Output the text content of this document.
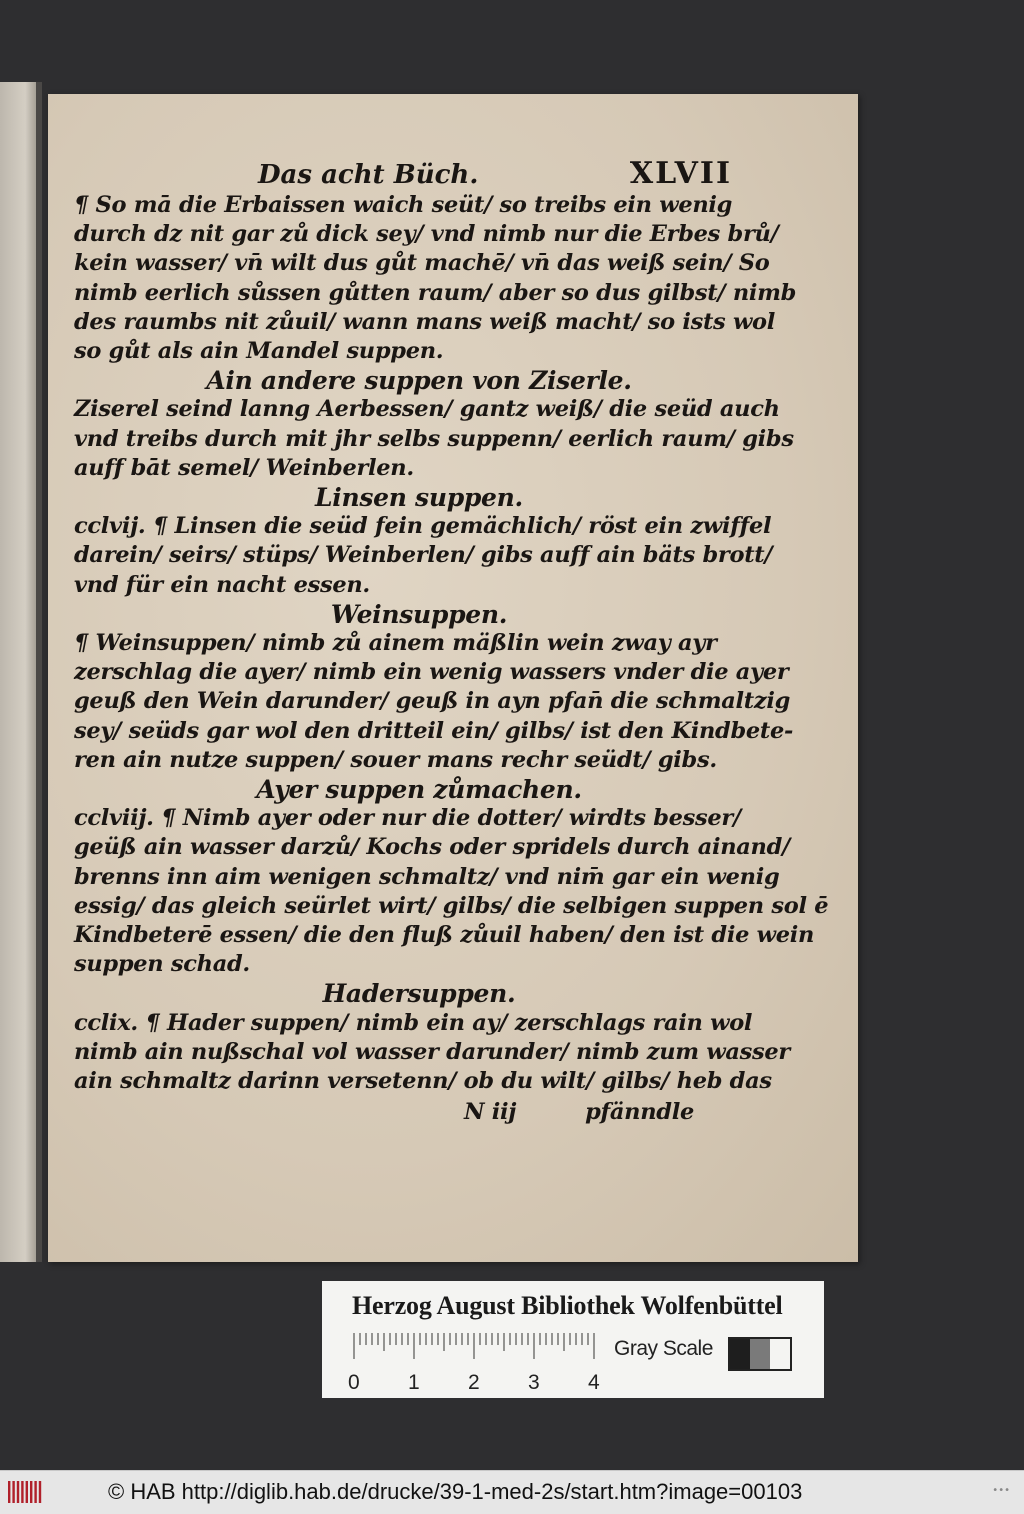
Das acht Büch.	XLVII
¶ So mā die Erbaissen waich seüt/ so treibs ein wenig
durch dz nit gar zů dick sey/ vnd nimb nur die Erbes brů/
kein wasser/ vn̄ wilt dus gůt machē/ vn̄ das weiß sein/ So
nimb eerlich sůssen gůtten raum/ aber so dus gilbst/ nimb
des raumbs nit zůuil/ wann mans weiß macht/ so ists wol
so gůt als ain Mandel suppen.
Ain andere suppen von Ziserle.
Ziserel seind lanng Aerbessen/ gantz weiß/ die seüd auch
vnd treibs durch mit jhr selbs suppenn/ eerlich raum/ gibs
auff bāt semel/ Weinberlen.
Linsen suppen.
cclvij. ¶ Linsen die seüd fein gemächlich/ röst ein zwiffel
darein/ seirs/ stüps/ Weinberlen/ gibs auff ain bäts brott/
vnd für ein nacht essen.
Weinsuppen.
¶ Weinsuppen/ nimb zů ainem mäßlin wein zway ayr
zerschlag die ayer/ nimb ein wenig wassers vnder die ayer
geuß den Wein darunder/ geuß in ayn pfan̄ die schmaltzig
sey/ seüds gar wol den dritteil ein/ gilbs/ ist den Kindbete-
ren ain nutze suppen/ souer mans rechr seüdt/ gibs.
Ayer suppen zůmachen.
cclviij. ¶ Nimb ayer oder nur die dotter/ wirdts besser/
geüß ain wasser darzů/ Kochs oder spridels durch ainand/
brenns inn aim wenigen schmaltz/ vnd nim̄ gar ein wenig
essig/ das gleich seürlet wirt/ gilbs/ die selbigen suppen sol ē
Kindbeterē essen/ die den fluß zůuil haben/ den ist die wein
suppen schad.
Hadersuppen.
cclix. ¶ Hader suppen/ nimb ein ay/ zerschlags rain wol
nimb ain nußschal vol wasser darunder/ nimb zum wasser
ain schmaltz darinn versetenn/ ob du wilt/ gilbs/ heb das
N iij	pfänndle
Herzog August Bibliothek Wolfenbüttel
0 1 2 3 4
Gray Scale
© HAB http://diglib.hab.de/drucke/39-1-med-2s/start.htm?image=00103	•••
